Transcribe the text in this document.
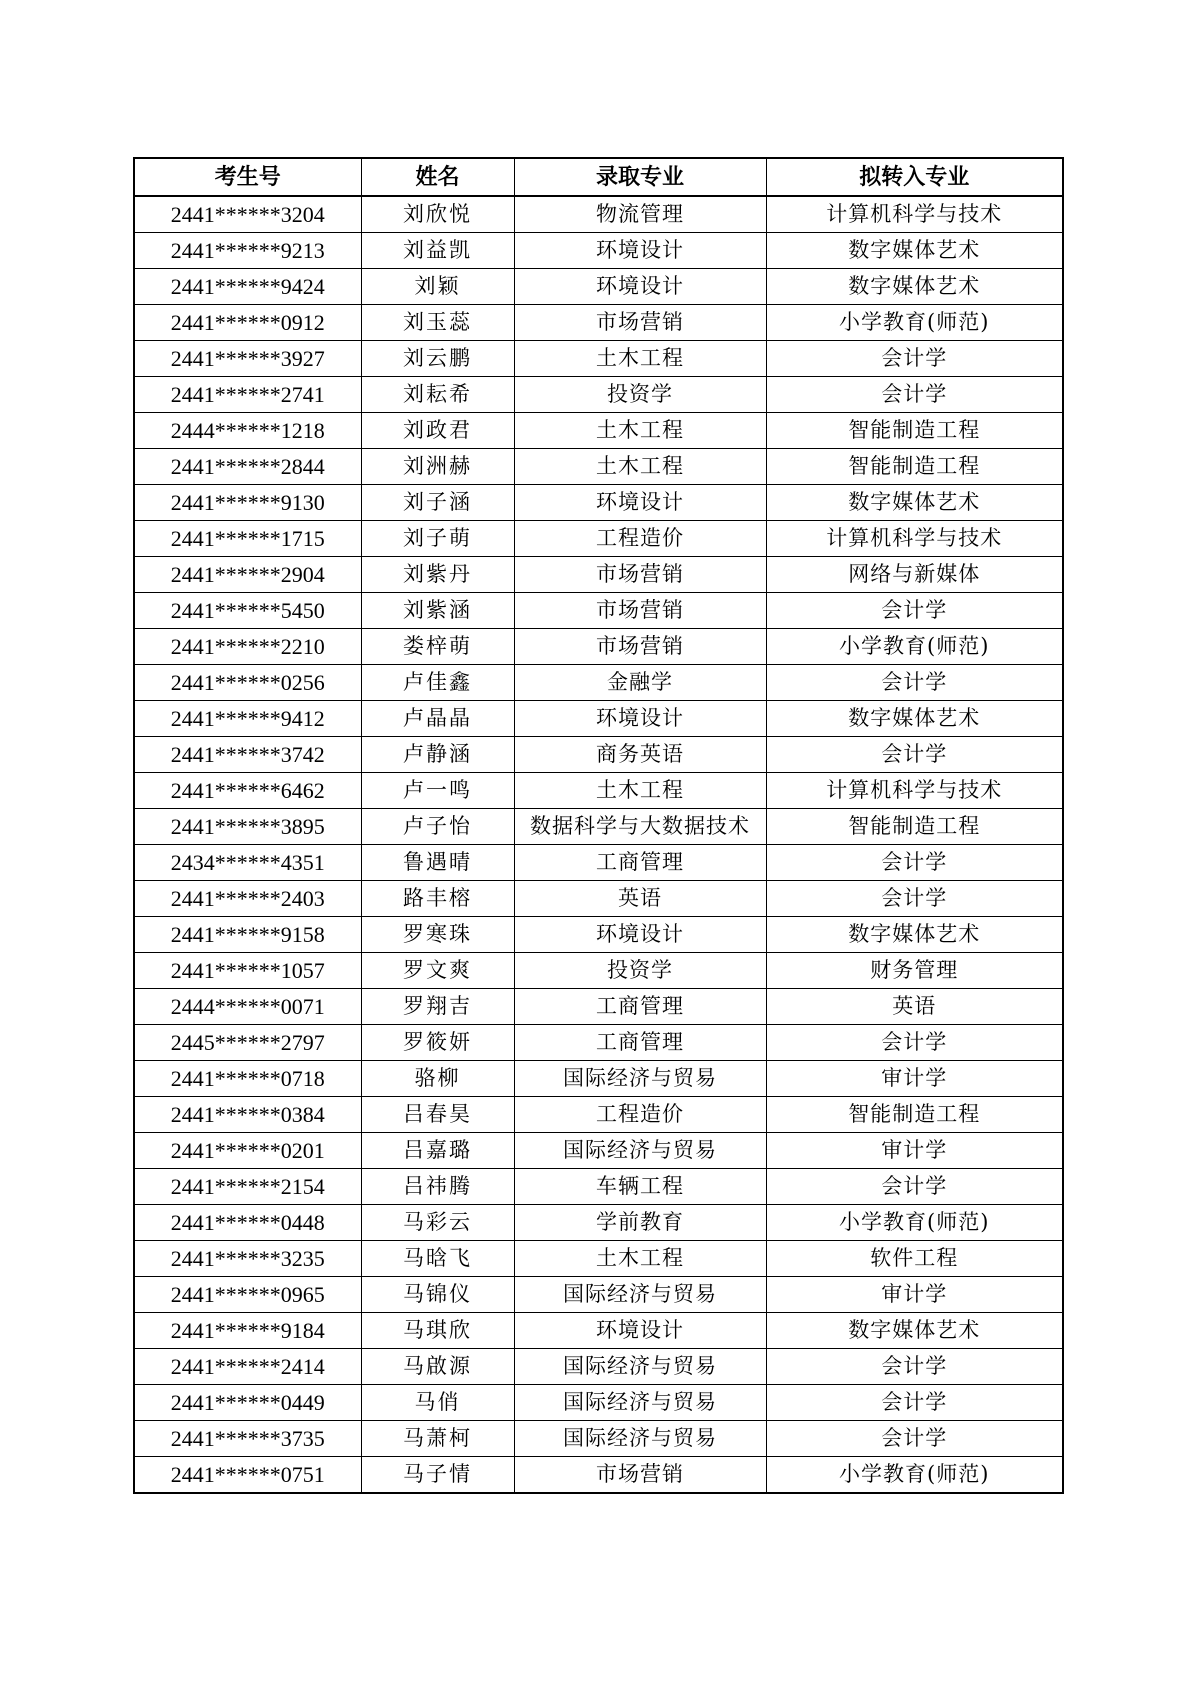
考生号	姓名	录取专业	拟转入专业
2441******3204	刘欣悦	物流管理	计算机科学与技术
2441******9213	刘益凯	环境设计	数字媒体艺术
2441******9424	刘颖	环境设计	数字媒体艺术
2441******0912	刘玉蕊	市场营销	小学教育(师范)
2441******3927	刘云鹏	土木工程	会计学
2441******2741	刘耘希	投资学	会计学
2444******1218	刘政君	土木工程	智能制造工程
2441******2844	刘洲赫	土木工程	智能制造工程
2441******9130	刘子涵	环境设计	数字媒体艺术
2441******1715	刘子萌	工程造价	计算机科学与技术
2441******2904	刘紫丹	市场营销	网络与新媒体
2441******5450	刘紫涵	市场营销	会计学
2441******2210	娄梓萌	市场营销	小学教育(师范)
2441******0256	卢佳鑫	金融学	会计学
2441******9412	卢晶晶	环境设计	数字媒体艺术
2441******3742	卢静涵	商务英语	会计学
2441******6462	卢一鸣	土木工程	计算机科学与技术
2441******3895	卢子怡	数据科学与大数据技术	智能制造工程
2434******4351	鲁遇晴	工商管理	会计学
2441******2403	路丰榕	英语	会计学
2441******9158	罗寒珠	环境设计	数字媒体艺术
2441******1057	罗文爽	投资学	财务管理
2444******0071	罗翔吉	工商管理	英语
2445******2797	罗筱妍	工商管理	会计学
2441******0718	骆柳	国际经济与贸易	审计学
2441******0384	吕春昊	工程造价	智能制造工程
2441******0201	吕嘉璐	国际经济与贸易	审计学
2441******2154	吕祎腾	车辆工程	会计学
2441******0448	马彩云	学前教育	小学教育(师范)
2441******3235	马晗飞	土木工程	软件工程
2441******0965	马锦仪	国际经济与贸易	审计学
2441******9184	马琪欣	环境设计	数字媒体艺术
2441******2414	马啟源	国际经济与贸易	会计学
2441******0449	马俏	国际经济与贸易	会计学
2441******3735	马萧柯	国际经济与贸易	会计学
2441******0751	马子情	市场营销	小学教育(师范)
